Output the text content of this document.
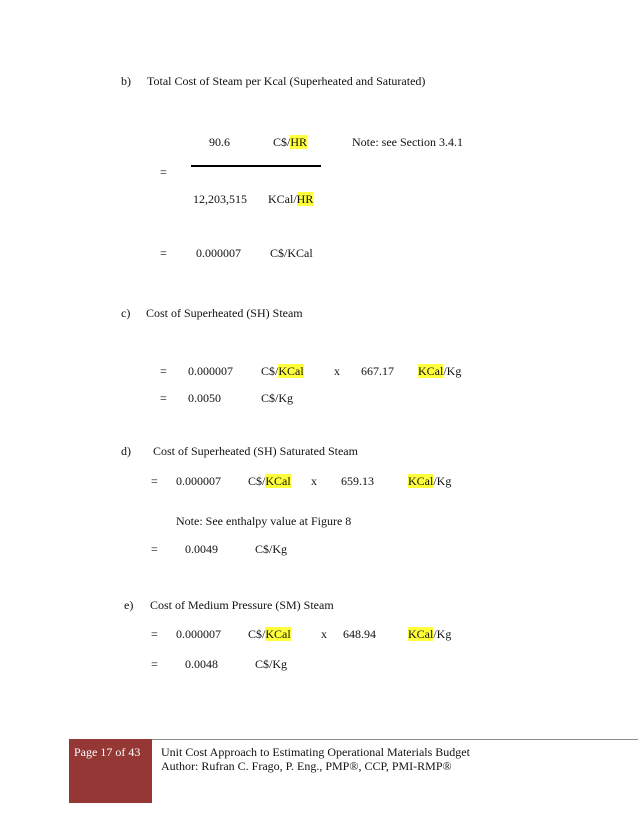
b) Total Cost of Steam per Kcal (Superheated and Saturated)
90.6	C$/HR	Note: see Section 3.4.1
=
12,203,515 KCal/HR
= 0.000007 C$/KCal
c) Cost of Superheated (SH) Steam
= 0.000007 C$/KCal	x 667.17 KCal/Kg
= 0.0050	C$/Kg
d) Cost of Superheated (SH) Saturated Steam
= 0.000007 C$/KCal x 659.13	KCal/Kg
Note: See enthalpy value at Figure 8
= 0.0049	C$/Kg
e) Cost of Medium Pressure (SM) Steam
= 0.000007 C$/KCal	x 648.94	KCal/Kg
= 0.0048	C$/Kg
Page 17 of 43 Unit Cost Approach to Estimating Operational Materials Budget
Author: Rufran C. Frago, P. Eng., PMP®, CCP, PMI-RMP®
